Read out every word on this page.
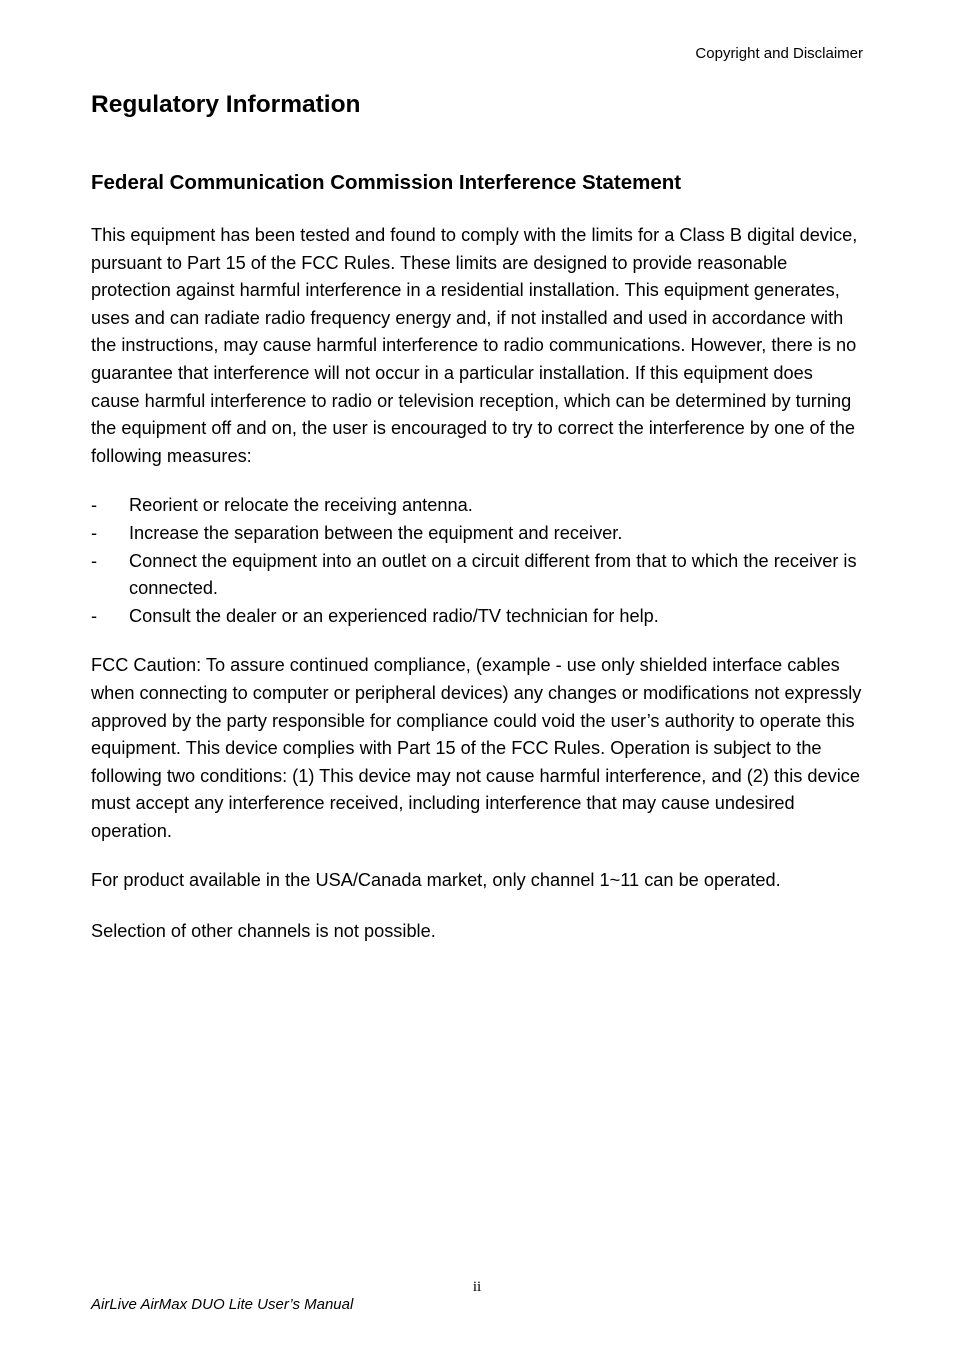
Copyright and Disclaimer
Regulatory Information
Federal Communication Commission Interference Statement

This equipment has been tested and found to comply with the limits for a Class B digital device, pursuant to Part 15 of the FCC Rules. These limits are designed to provide reasonable protection against harmful interference in a residential installation. This equipment generates, uses and can radiate radio frequency energy and, if not installed and used in accordance with the instructions, may cause harmful interference to radio communications. However, there is no guarantee that interference will not occur in a particular installation. If this equipment does cause harmful interference to radio or television reception, which can be determined by turning the equipment off and on, the user is encouraged to try to correct the interference by one of the following measures:

- Reorient or relocate the receiving antenna.
- Increase the separation between the equipment and receiver.
- Connect the equipment into an outlet on a circuit different from that to which the receiver is connected.
- Consult the dealer or an experienced radio/TV technician for help.

FCC Caution: To assure continued compliance, (example - use only shielded interface cables when connecting to computer or peripheral devices) any changes or modifications not expressly approved by the party responsible for compliance could void the user’s authority to operate this equipment. This device complies with Part 15 of the FCC Rules. Operation is subject to the following two conditions: (1) This device may not cause harmful interference, and (2) this device must accept any interference received, including interference that may cause undesired operation.

For product available in the USA/Canada market, only channel 1~11 can be operated.

Selection of other channels is not possible.

ii
AirLive AirMax DUO Lite User’s Manual
